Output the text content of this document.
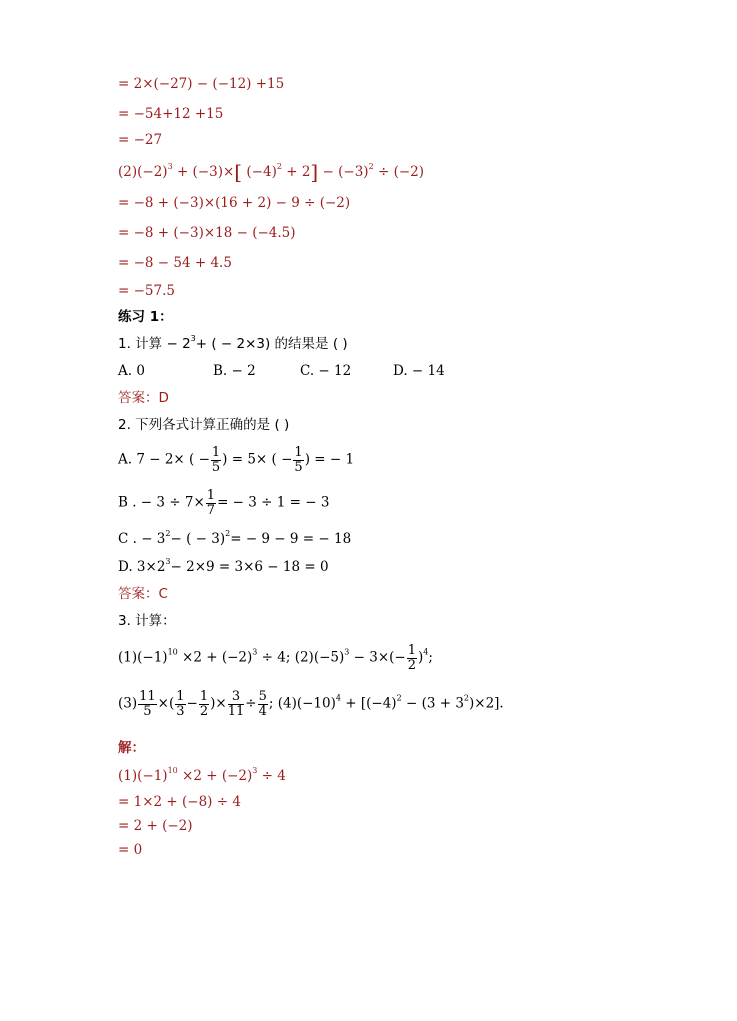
= 2×(−27) − (−12) +15
= −54+12 +15
= −27
$(2)(-2)^3 + (-3)\times$[ $(-4)^2 + 2] - (-3)^2 \div (-2)$
= −8 + (−3)×(16 + 2) − 9 ÷ (−2)
= −8 + (−3)×18 − (−4.5)
= −8 − 54 + 4.5
= −57.5
练习 1：
1. 计算 − $2^3+$ ( − 2×3) 的结果是 ( )
A. 0	B. − 2	C. − 12	D. − 14
答案：D
2. 下列各式计算正确的是 ( )
A. 7 − 2× ( − $\frac{1}{5}$ ) = 5× ( − $\frac{1}{5}$ ) = − 1
B . − $3 \div 7\times \frac{1}{7}$ = − 3 ÷ 1 = − 3
C . − $3^2-$ ( − 3)$^2$= − 9 − 9 = − 18
D. $3\times 2^3- 2\times 9 = 3\times 6 - 18 = 0$
答案：C
3. 计算：
$(1)(-1)^{10} \times 2 + (-2)^3 \div 4$; $(2)(-5)^3 - 3\times(- \frac{1}{2} )^4$;
$(3) \frac{11}{5}$ ×( $\frac{1}{3} - \frac{1}{2}$ )× $\frac{3}{11} \div \frac{5}{4}$ ; $(4)(-10)^4 + [(-4)^2 - (3 + 3^2)\times 2]$.
解：
$(1)(-1)^{10} \times 2 + (-2)^3 \div 4$
= 1×2 + (−8) ÷ 4
= 2 + (−2)
= 0
